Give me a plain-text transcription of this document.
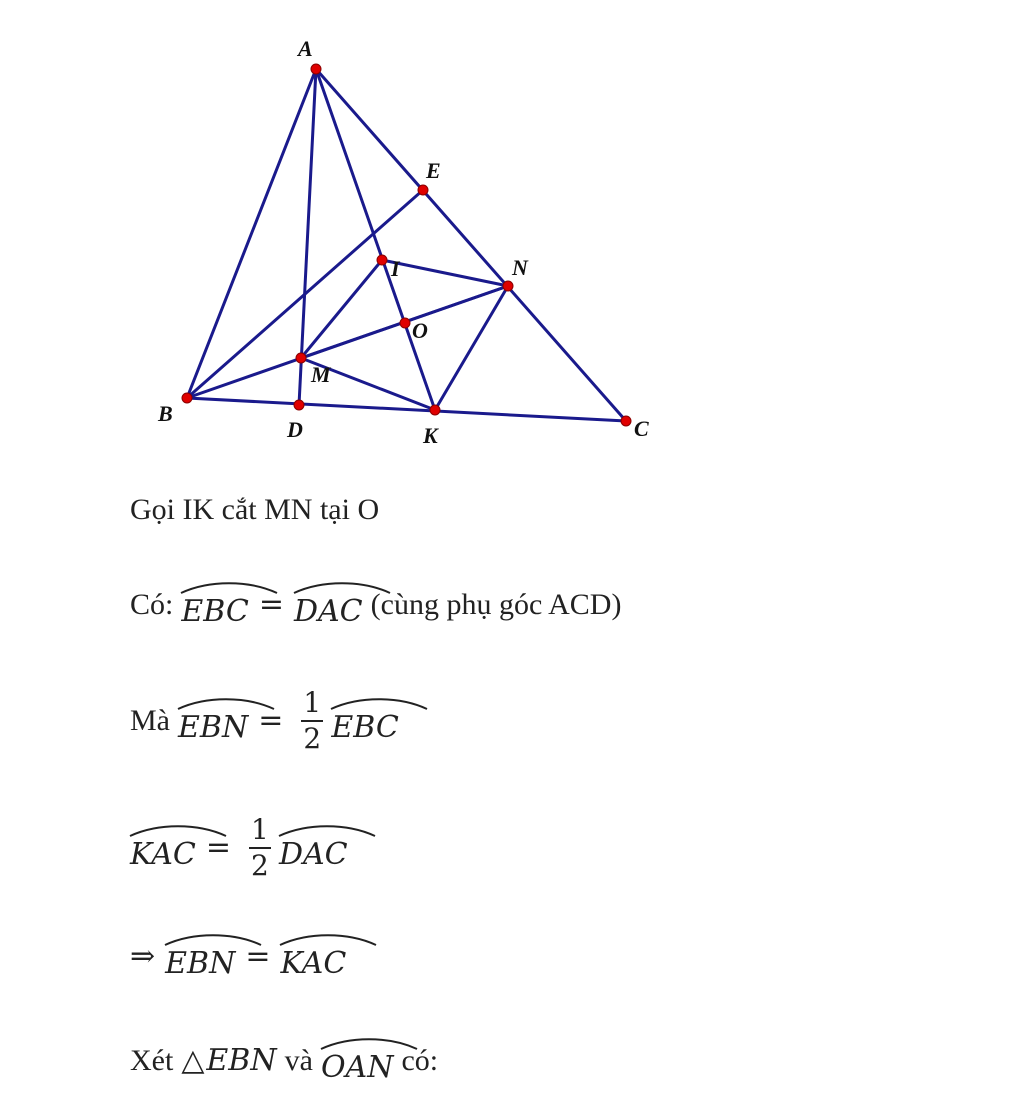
A
E
I	N
O
M
B
D	K	C
Gọi IK cắt MN tại O
Có: EBC = DAC (cùng phụ góc ACD)
Mà EBN = $\frac{1}{2}$ EBC
KAC = $\frac{1}{2}$ DAC
⇒ EBN = KAC
Xét △ EBN và OAN có:
